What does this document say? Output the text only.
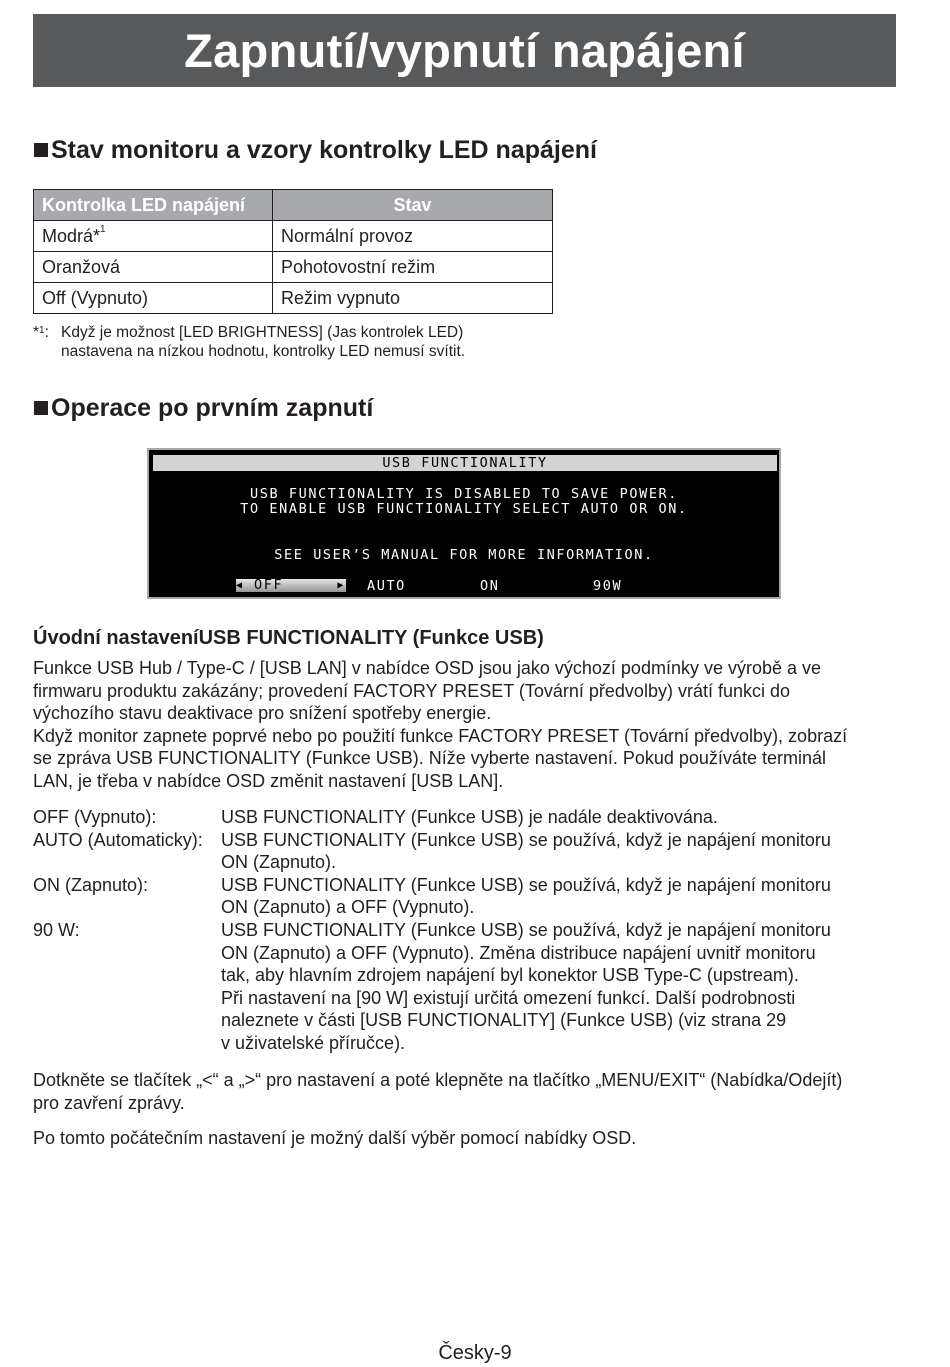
Zapnutí/vypnutí napájení
Stav monitoru a vzory kontrolky LED napájení
Kontrolka LED napájení	Stav
Modrá*$^1$	Normální provoz
Oranžová	Pohotovostní režim
Off (Vypnuto)	Režim vypnuto
*$^1$: Když je možnost [LED BRIGHTNESS] (Jas kontrolek LED)
nastavena na nízkou hodnotu, kontrolky LED nemusí svítit.
Operace po prvním zapnutí
USB FUNCTIONALITY
USB FUNCTIONALITY IS DISABLED TO SAVE POWER.
TO ENABLE USB FUNCTIONALITY SELECT AUTO OR ON.
SEE USER’S MANUAL FOR MORE INFORMATION.
◀ OFF	▶ AUTO	ON	90W
Úvodní nastaveníUSB FUNCTIONALITY (Funkce USB)
Funkce USB Hub / Type-C / [USB LAN] v nabídce OSD jsou jako výchozí podmínky ve výrobě a ve
firmwaru produktu zakázány; provedení FACTORY PRESET (Tovární předvolby) vrátí funkci do
výchozího stavu deaktivace pro snížení spotřeby energie.
Když monitor zapnete poprvé nebo po použití funkce FACTORY PRESET (Tovární předvolby), zobrazí
se zpráva USB FUNCTIONALITY (Funkce USB). Níže vyberte nastavení. Pokud používáte terminál
LAN, je třeba v nabídce OSD změnit nastavení [USB LAN].
OFF (Vypnuto):	USB FUNCTIONALITY (Funkce USB) je nadále deaktivována.
AUTO (Automaticky):	USB FUNCTIONALITY (Funkce USB) se používá, když je napájení monitoru
ON (Zapnuto).
ON (Zapnuto):	USB FUNCTIONALITY (Funkce USB) se používá, když je napájení monitoru
ON (Zapnuto) a OFF (Vypnuto).
90 W:	USB FUNCTIONALITY (Funkce USB) se používá, když je napájení monitoru
ON (Zapnuto) a OFF (Vypnuto). Změna distribuce napájení uvnitř monitoru
tak, aby hlavním zdrojem napájení byl konektor USB Type-C (upstream).
Při nastavení na [90 W] existují určitá omezení funkcí. Další podrobnosti
naleznete v části [USB FUNCTIONALITY] (Funkce USB) (viz strana 29
v uživatelské příručce).
Dotkněte se tlačítek „<“ a „>“ pro nastavení a poté klepněte na tlačítko „MENU/EXIT“ (Nabídka/Odejít)
pro zavření zprávy.
Po tomto počátečním nastavení je možný další výběr pomocí nabídky OSD.
Česky-9
